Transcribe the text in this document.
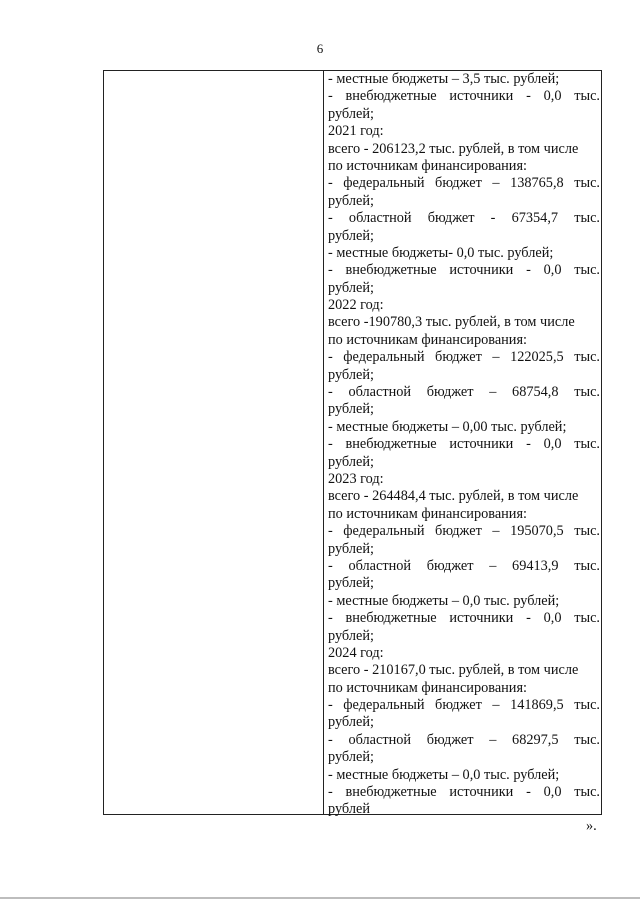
6
- местные бюджеты – 3,5 тыс. рублей;
- внебюджетные источники - 0,0 тыс.
рублей;
2021 год:
всего - 206123,2 тыс. рублей, в том числе
по источникам финансирования:
- федеральный бюджет – 138765,8 тыс.
рублей;
- областной бюджет - 67354,7 тыс.
рублей;
- местные бюджеты- 0,0 тыс. рублей;
- внебюджетные источники - 0,0 тыс.
рублей;
2022 год:
всего -190780,3 тыс. рублей, в том числе
по источникам финансирования:
- федеральный бюджет – 122025,5 тыс.
рублей;
- областной бюджет – 68754,8 тыс.
рублей;
- местные бюджеты – 0,00 тыс. рублей;
- внебюджетные источники - 0,0 тыс.
рублей;
2023 год:
всего - 264484,4 тыс. рублей, в том числе
по источникам финансирования:
- федеральный бюджет – 195070,5 тыс.
рублей;
- областной бюджет – 69413,9 тыс.
рублей;
- местные бюджеты – 0,0 тыс. рублей;
- внебюджетные источники - 0,0 тыс.
рублей;
2024 год:
всего - 210167,0 тыс. рублей, в том числе
по источникам финансирования:
- федеральный бюджет – 141869,5 тыс.
рублей;
- областной бюджет – 68297,5 тыс.
рублей;
- местные бюджеты – 0,0 тыс. рублей;
- внебюджетные источники - 0,0 тыс.
рублей
».
